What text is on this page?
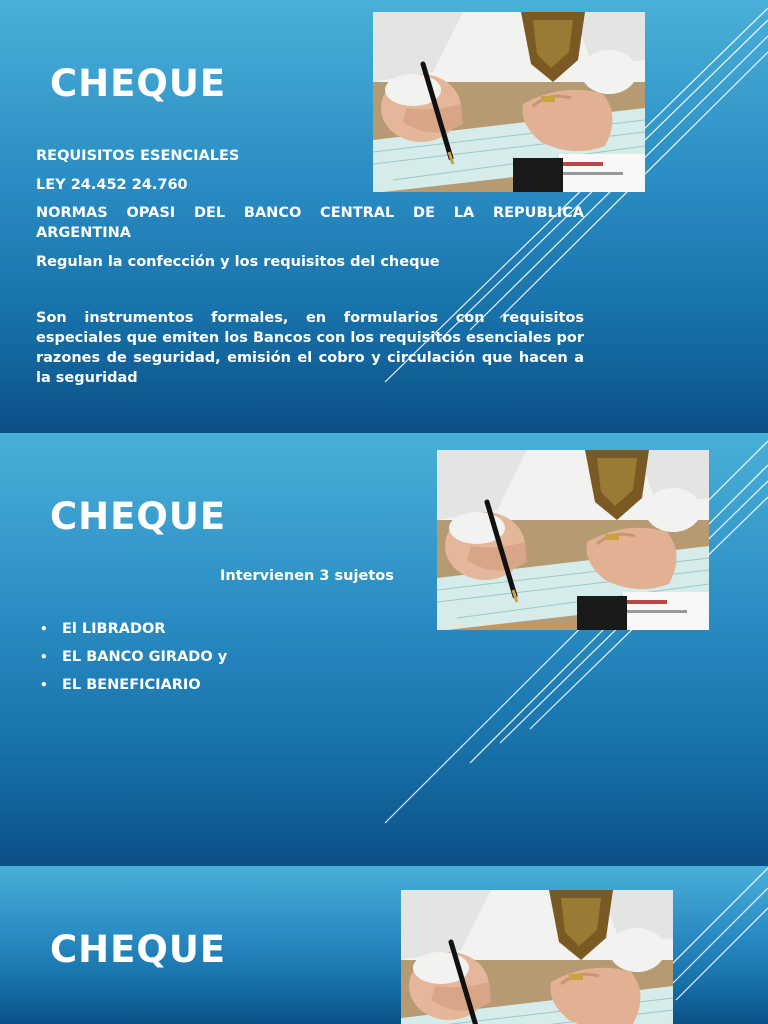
CHEQUE

REQUISITOS ESENCIALES

LEY 24.452 24.760

NORMAS OPASI DEL BANCO CENTRAL DE LA REPUBLICA ARGENTINA

Regulan la confección y los requisitos del cheque

Son instrumentos formales, en formularios con requisitos especiales que emiten los Bancos con los requisitos esenciales por razones de seguridad, emisión el cobro y circulación que hacen a la seguridad

CHEQUE

Intervienen 3 sujetos

• El LIBRADOR
• EL BANCO GIRADO y
• EL BENEFICIARIO
CHEQUE
